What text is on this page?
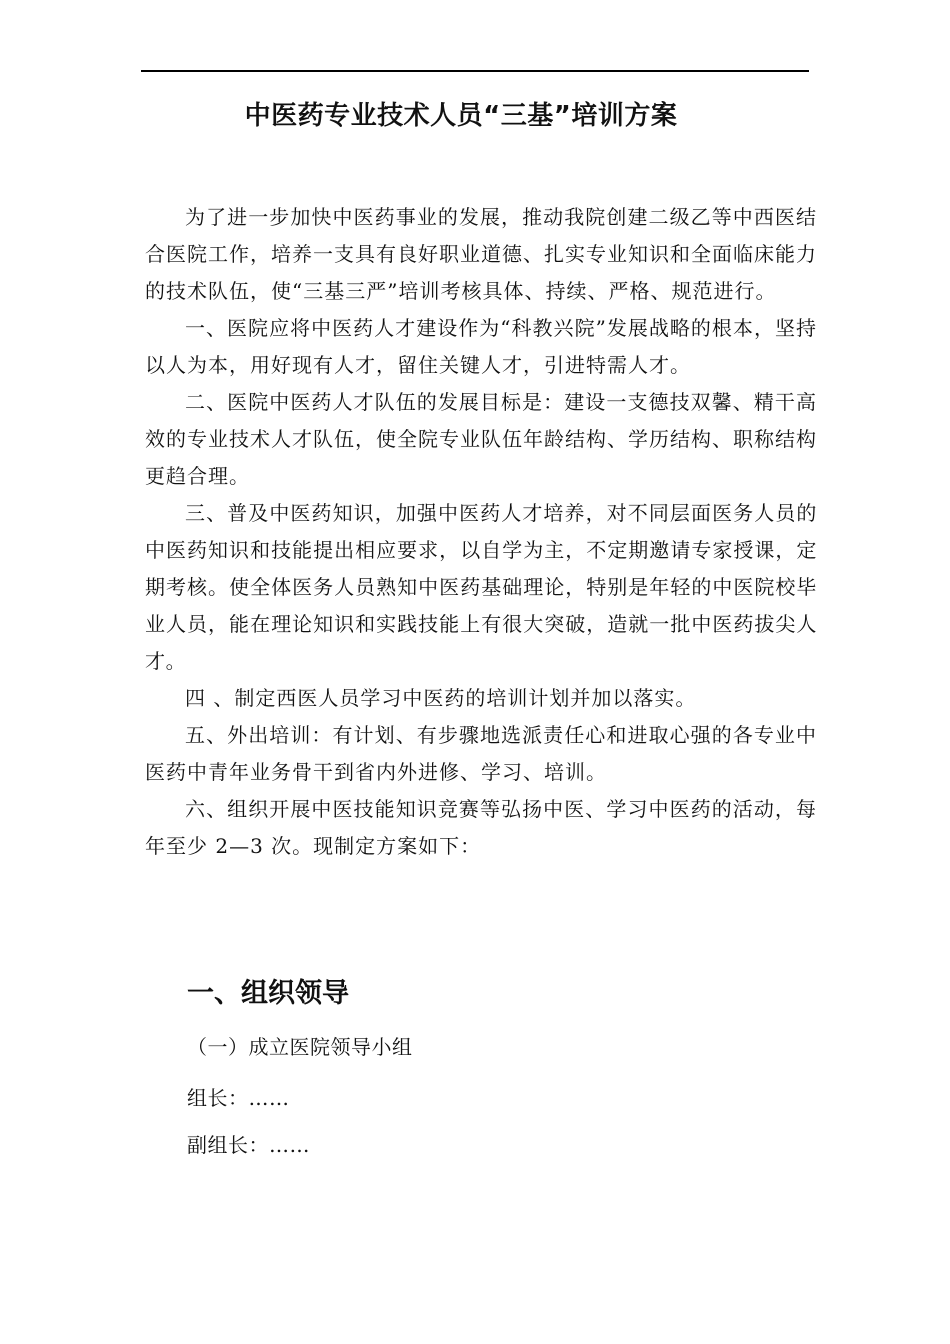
中医药专业技术人员“三基”培训方案

为了进一步加快中医药事业的发展，推动我院创建二级乙等中西医结合医院工作，培养一支具有良好职业道德、扎实专业知识和全面临床能力的技术队伍，使“三基三严”培训考核具体、持续、严格、规范进行。

一、医院应将中医药人才建设作为“科教兴院”发展战略的根本，坚持以人为本，用好现有人才，留住关键人才，引进特需人才。

二、医院中医药人才队伍的发展目标是：建设一支德技双馨、精干高效的专业技术人才队伍，使全院专业队伍年龄结构、学历结构、职称结构更趋合理。

三、普及中医药知识，加强中医药人才培养，对不同层面医务人员的中医药知识和技能提出相应要求，以自学为主，不定期邀请专家授课，定期考核。使全体医务人员熟知中医药基础理论，特别是年轻的中医院校毕业人员，能在理论知识和实践技能上有很大突破，造就一批中医药拔尖人才。

四 、制定西医人员学习中医药的培训计划并加以落实。

五、外出培训：有计划、有步骤地选派责任心和进取心强的各专业中医药中青年业务骨干到省内外进修、学习、培训。

六、组织开展中医技能知识竞赛等弘扬中医、学习中医药的活动，每年至少 2—3 次。现制定方案如下：

一、组织领导

（一）成立医院领导小组

组长：……

副组长：……
